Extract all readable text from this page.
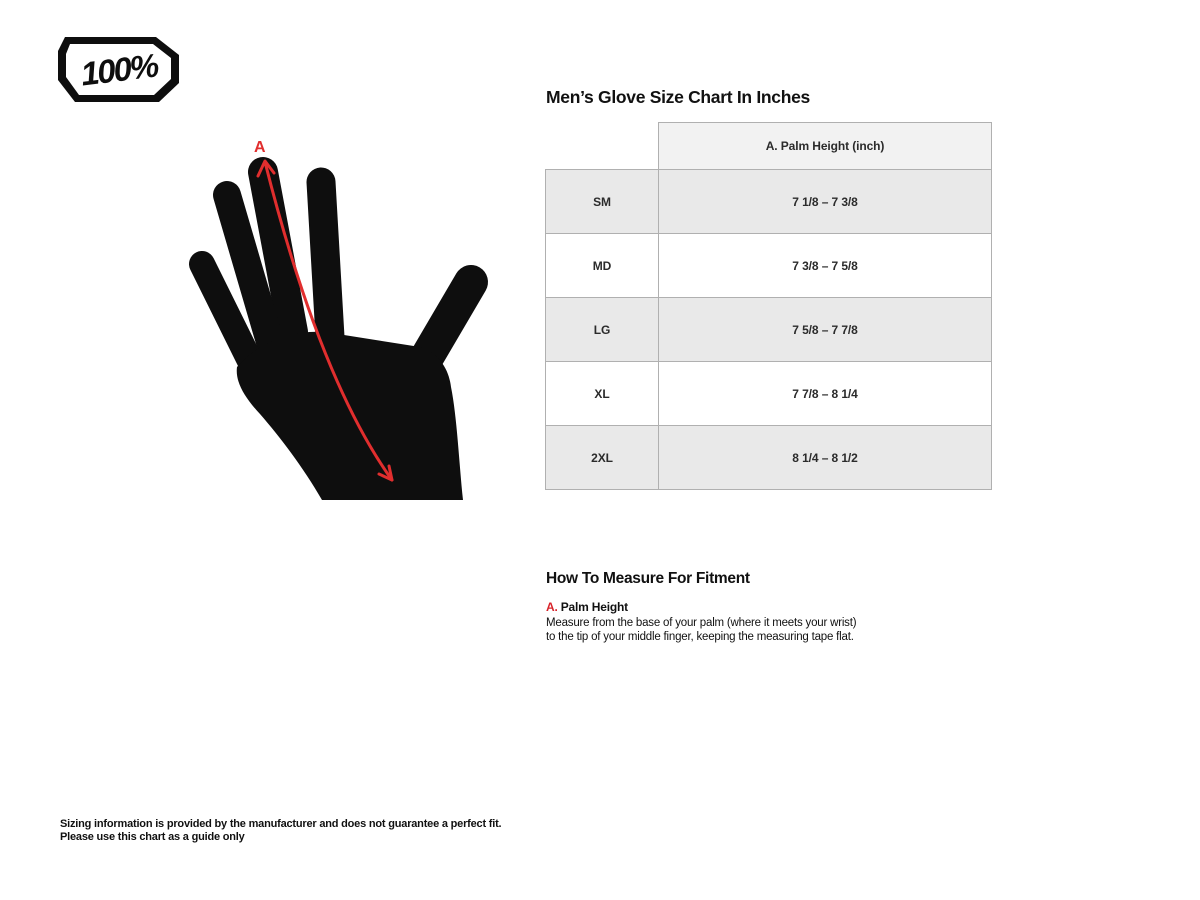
100%
A
Men’s Glove Size Chart In Inches
	A. Palm Height (inch)
SM	7 1/8 – 7 3/8
MD	7 3/8 – 7 5/8
LG	7 5/8 – 7 7/8
XL	7 7/8 – 8 1/4
2XL	8 1/4 – 8 1/2
How To Measure For Fitment
A. Palm Height

Measure from the base of your palm (where it meets your wrist) to the tip of your middle finger, keeping the measuring tape flat.

Sizing information is provided by the manufacturer and does not guarantee a perfect fit.
Please use this chart as a guide only
